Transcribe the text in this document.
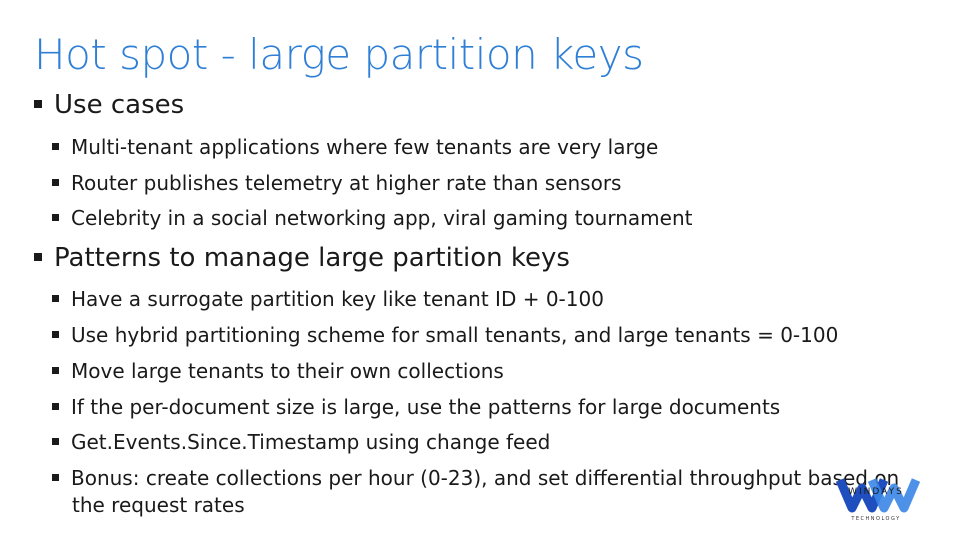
Hot spot - large partition keys
Use cases
Multi-tenant applications where few tenants are very large
Router publishes telemetry at higher rate than sensors
Celebrity in a social networking app, viral gaming tournament
Patterns to manage large partition keys
Have a surrogate partition key like tenant ID + 0-100
Use hybrid partitioning scheme for small tenants, and large tenants = 0-100
Move large tenants to their own collections
If the per-document size is large, use the patterns for large documents
Get.Events.Since.Timestamp using change feed
Bonus: create collections per hour (0-23), and set differential throughput based on
the request rates
WINDAYS
TECHNOLOGY
